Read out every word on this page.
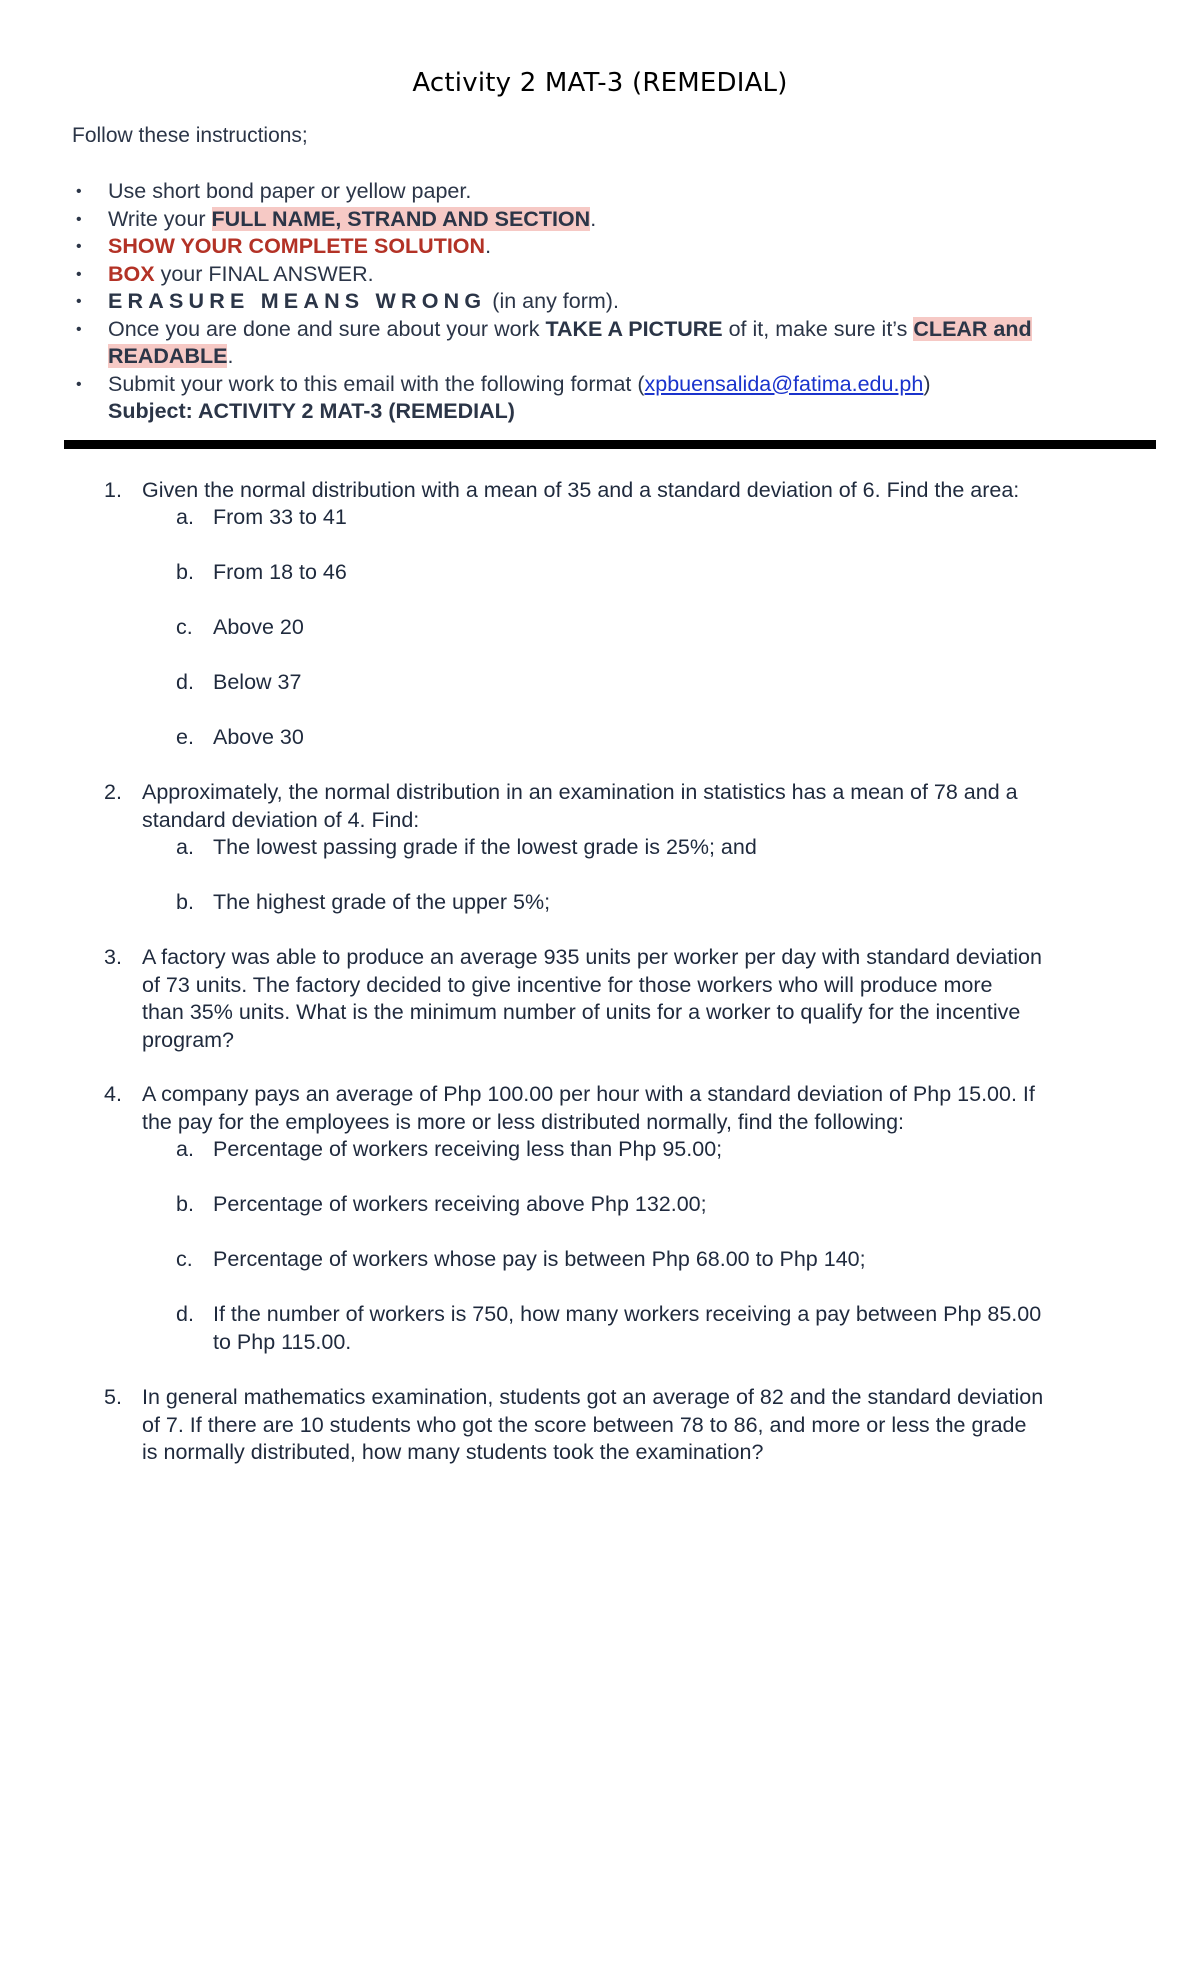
Activity 2 MAT-3 (REMEDIAL)
Follow these instructions;
•
Use short bond paper or yellow paper.
•
Write your FULL NAME, STRAND AND SECTION.
•
SHOW YOUR COMPLETE SOLUTION.
•
BOX your FINAL ANSWER.
•
ERASURE MEANS WRONG (in any form).
•
Once you are done and sure about your work TAKE A PICTURE of it, make sure it’s CLEAR and
READABLE.
•
Submit your work to this email with the following format (xpbuensalida@fatima.edu.ph)
Subject: ACTIVITY 2 MAT-3 (REMEDIAL)
1. Given the normal distribution with a mean of 35 and a standard deviation of 6. Find the area:
a. From 33 to 41
b. From 18 to 46
c. Above 20
d. Below 37
e. Above 30
2. Approximately, the normal distribution in an examination in statistics has a mean of 78 and a
standard deviation of 4. Find:
a. The lowest passing grade if the lowest grade is 25%; and
b. The highest grade of the upper 5%;
3. A factory was able to produce an average 935 units per worker per day with standard deviation
of 73 units. The factory decided to give incentive for those workers who will produce more
than 35% units. What is the minimum number of units for a worker to qualify for the incentive
program?
4. A company pays an average of Php 100.00 per hour with a standard deviation of Php 15.00. If
the pay for the employees is more or less distributed normally, find the following:
a. Percentage of workers receiving less than Php 95.00;
b. Percentage of workers receiving above Php 132.00;
c. Percentage of workers whose pay is between Php 68.00 to Php 140;
d. If the number of workers is 750, how many workers receiving a pay between Php 85.00
to Php 115.00.
5. In general mathematics examination, students got an average of 82 and the standard deviation
of 7. If there are 10 students who got the score between 78 to 86, and more or less the grade
is normally distributed, how many students took the examination?
